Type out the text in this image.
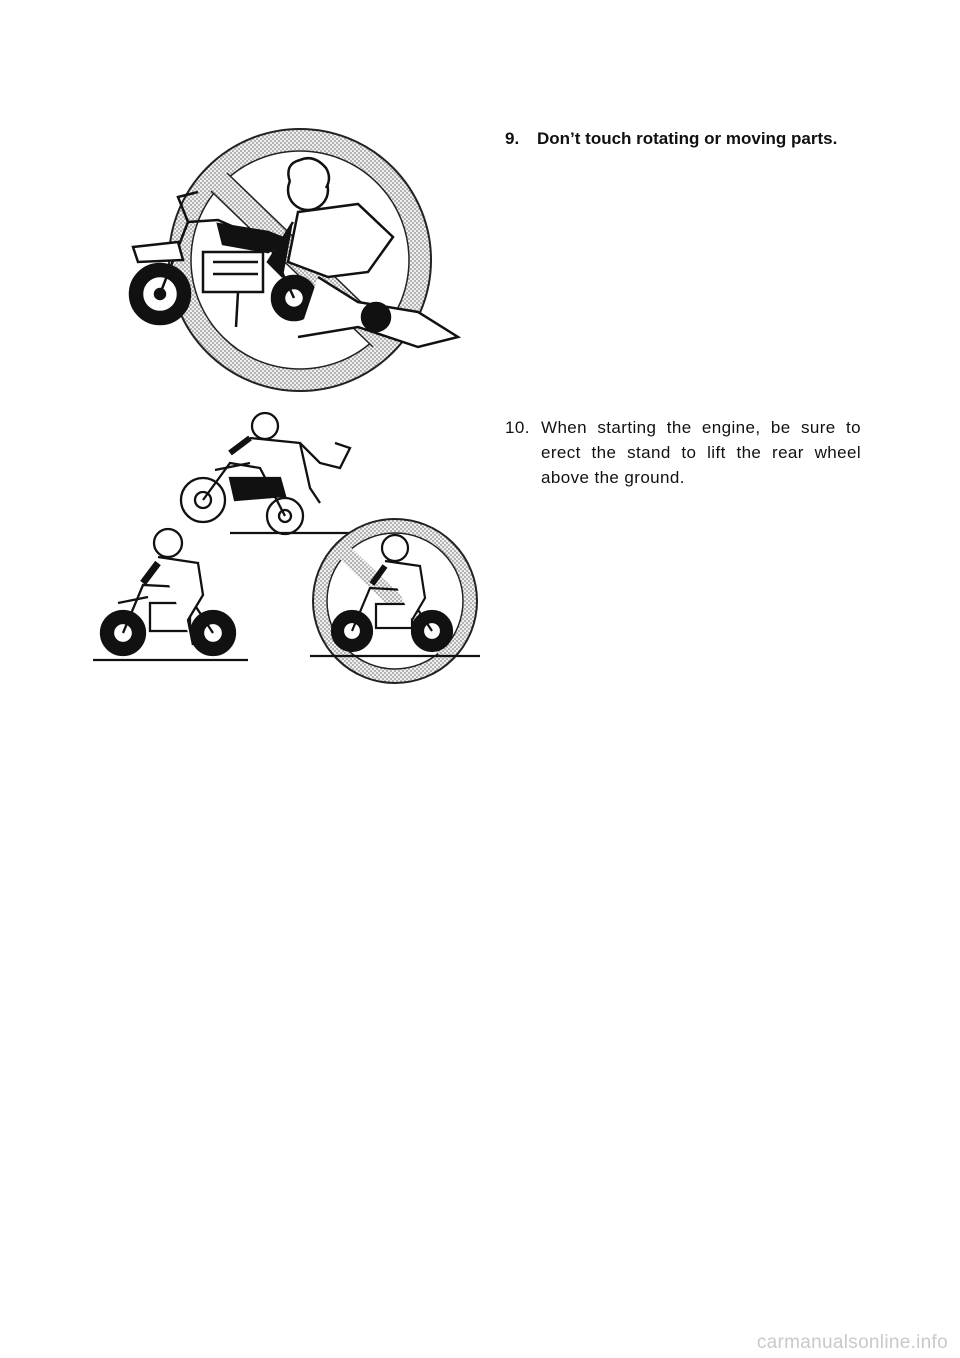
9. Don’t touch rotating or moving parts.
10. When starting the engine, be sure to
erect the stand to lift the rear wheel
above the ground.
carmanualsonline.info
